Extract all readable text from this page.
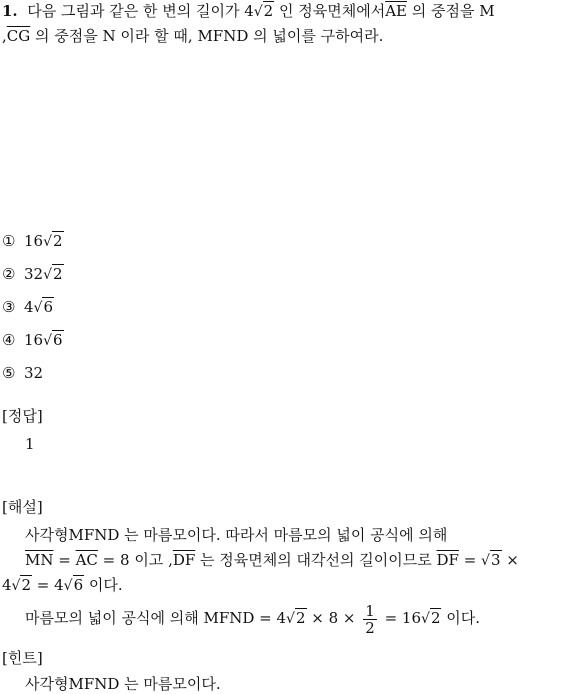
1. 다음 그림과 같은 한 변의 길이가 4√2 인 정육면체에서$\overline{AE}$ 의 중점을 M
$,\overline{CG}$ 의 중점을 N 이라 할 때, MFND 의 넓이를 구하여라.
① 16√2
② 32√2
③ 4√6
④ 16√6
⑤ 32
[정답]
1
[해설]
사각형MFND 는 마름모이다. 따라서 마름모의 넓이 공식에 의해
$\overline{MN} = \overline{AC} = 8$ 이고 $,\overline{DF}$ 는 정육면체의 대각선의 길이이므로 $\overline{DF} = √3$ ×
4√2 = 4√6 이다.
마름모의 넓이 공식에 의해 MFND = $4√2 \times 8 \times \frac{1}{2} = 16√2$ 이다.
[힌트]
사각형MFND 는 마름모이다.
